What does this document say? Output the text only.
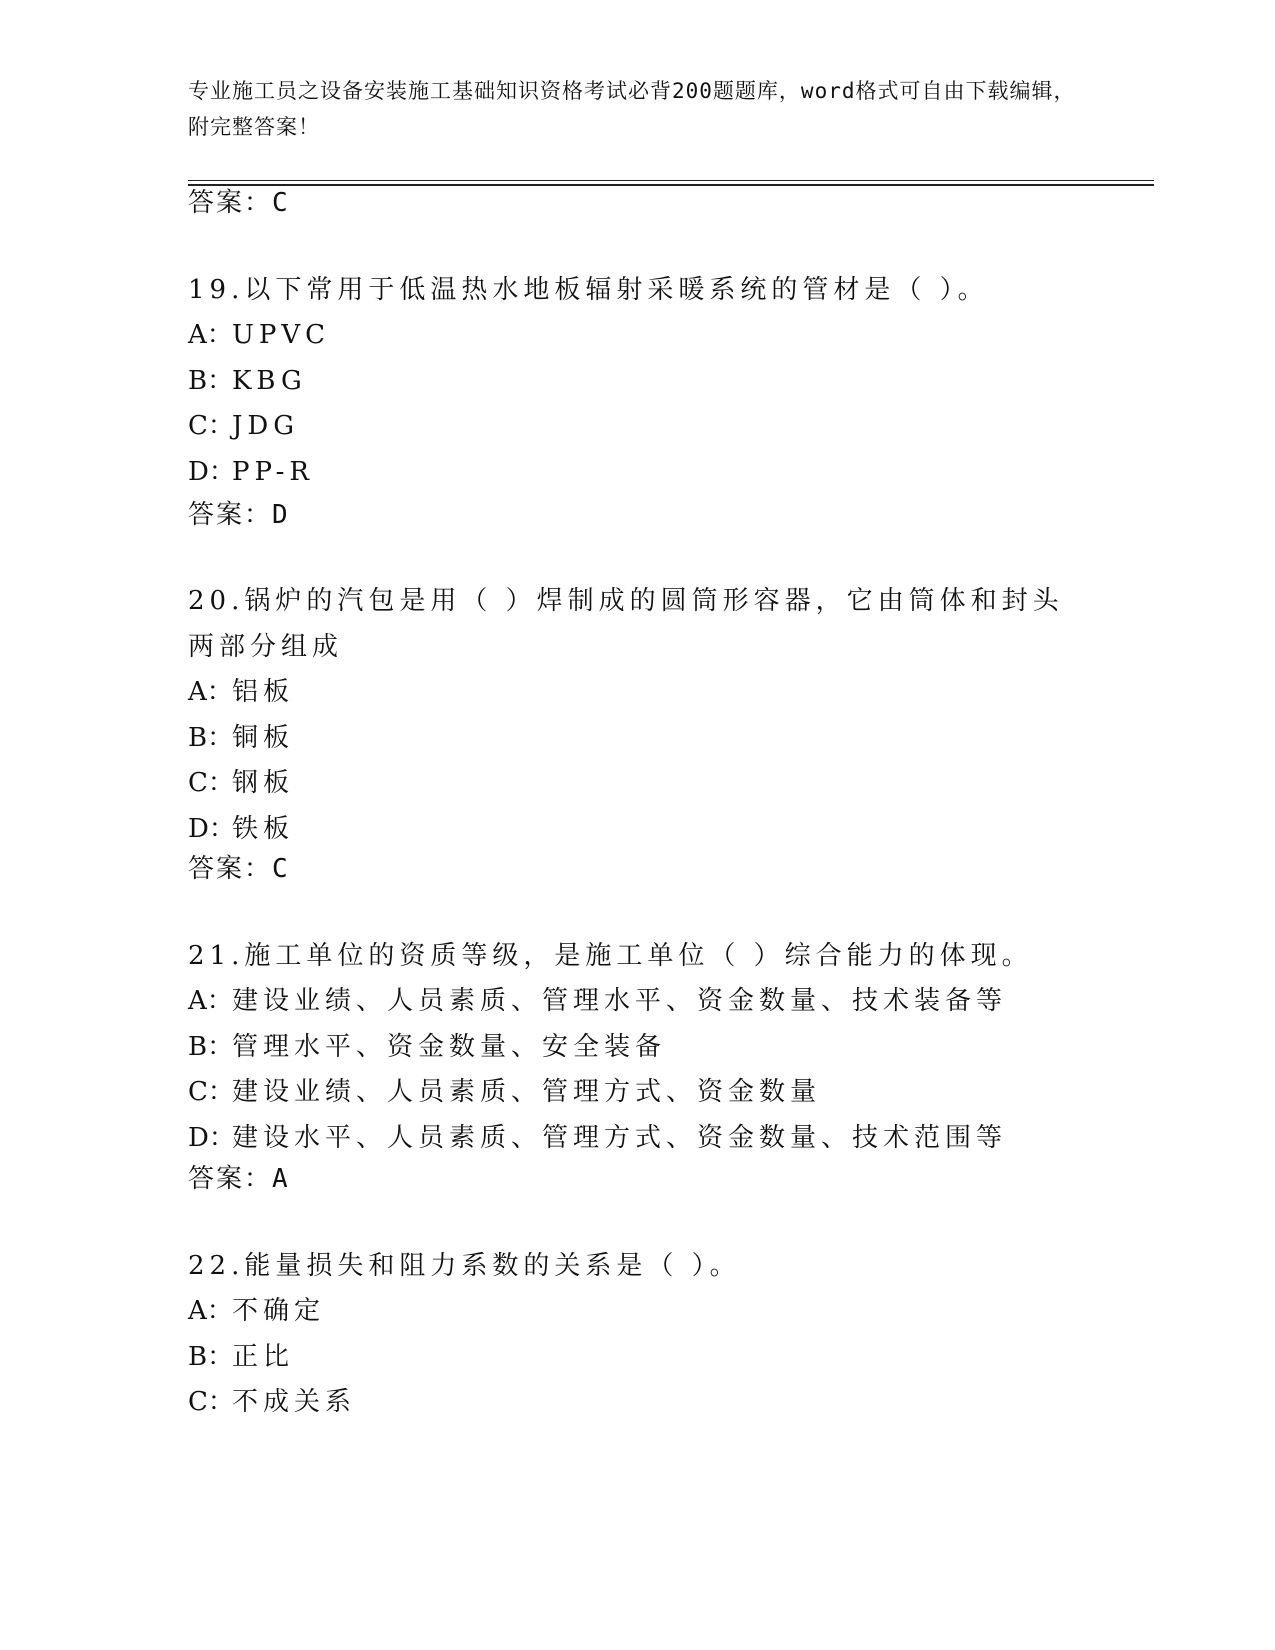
专业施工员之设备安装施工基础知识资格考试必背200题题库，word格式可自由下载编辑，附完整答案！
答案：C
19.以下常用于低温热水地板辐射采暖系统的管材是（ ）。
A：UPVC
B：KBG
C：JDG
D：PP-R
答案：D
20.锅炉的汽包是用（ ）焊制成的圆筒形容器，它由筒体和封头两部分组成
A：铝板
B：铜板
C：钢板
D：铁板
答案：C
21.施工单位的资质等级，是施工单位（ ）综合能力的体现。
A：建设业绩、人员素质、管理水平、资金数量、技术装备等
B：管理水平、资金数量、安全装备
C：建设业绩、人员素质、管理方式、资金数量
D：建设水平、人员素质、管理方式、资金数量、技术范围等
答案：A
22.能量损失和阻力系数的关系是（ ）。
A：不确定
B：正比
C：不成关系
